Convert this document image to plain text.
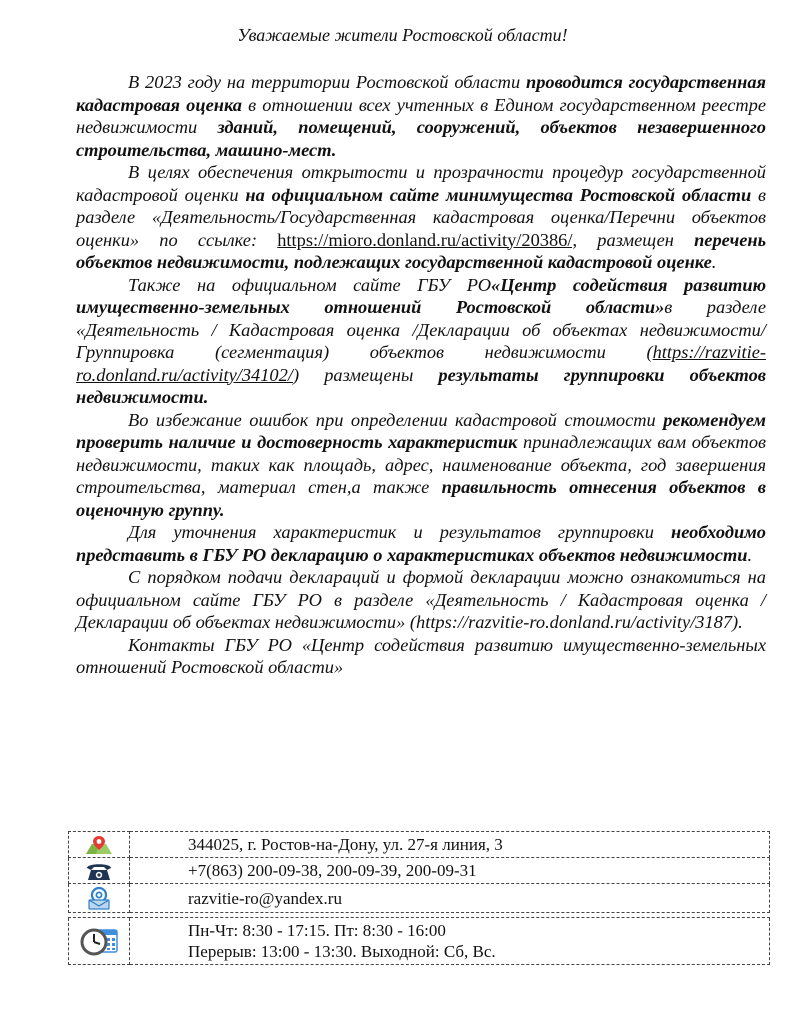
Уважаемые жители Ростовской области!

В 2023 году на территории Ростовской области проводится государственная кадастровая оценка в отношении всех учтенных в Едином государственном реестре недвижимости зданий, помещений, сооружений, объектов незавершенного строительства, машино-мест.

В целях обеспечения открытости и прозрачности процедур государственной кадастровой оценки на официальном сайте минимущества Ростовской области в разделе «Деятельность/Государственная кадастровая оценка/Перечни объектов оценки» по ссылке: https://mioro.donland.ru/activity/20386/, размещен перечень объектов недвижимости, подлежащих государственной кадастровой оценке.

Также на официальном сайте ГБУ РО«Центр содействия развитию имущественно-земельных отношений Ростовской области»в разделе «Деятельность / Кадастровая оценка /Декларации об объектах недвижимости/ Группировка (сегментация) объектов недвижимости (https://razvitie-ro.donland.ru/activity/34102/) размещены результаты группировки объектов недвижимости.

Во избежание ошибок при определении кадастровой стоимости рекомендуем проверить наличие и достоверность характеристик принадлежащих вам объектов недвижимости, таких как площадь, адрес, наименование объекта, год завершения строительства, материал стен,а также правильность отнесения объектов в оценочную группу.

Для уточнения характеристик и результатов группировки необходимо представить в ГБУ РО декларацию о характеристиках объектов недвижимости.

С порядком подачи деклараций и формой декларации можно ознакомиться на официальном сайте ГБУ РО в разделе «Деятельность / Кадастровая оценка / Декларации об объектах недвижимости» (https://razvitie-ro.donland.ru/activity/3187).

Контакты ГБУ РО «Центр содействия развитию имущественно-земельных отношений Ростовской области»

	344025, г. Ростов-на-Дону, ул. 27-я линия, 3

	+7(863) 200-09-38, 200-09-39, 200-09-31

	razvitie-ro@yandex.ru

Пн-Чт: 8:30 - 17:15. Пт: 8:30 - 16:00
Перерыв: 13:00 - 13:30. Выходной: Сб, Вс.
